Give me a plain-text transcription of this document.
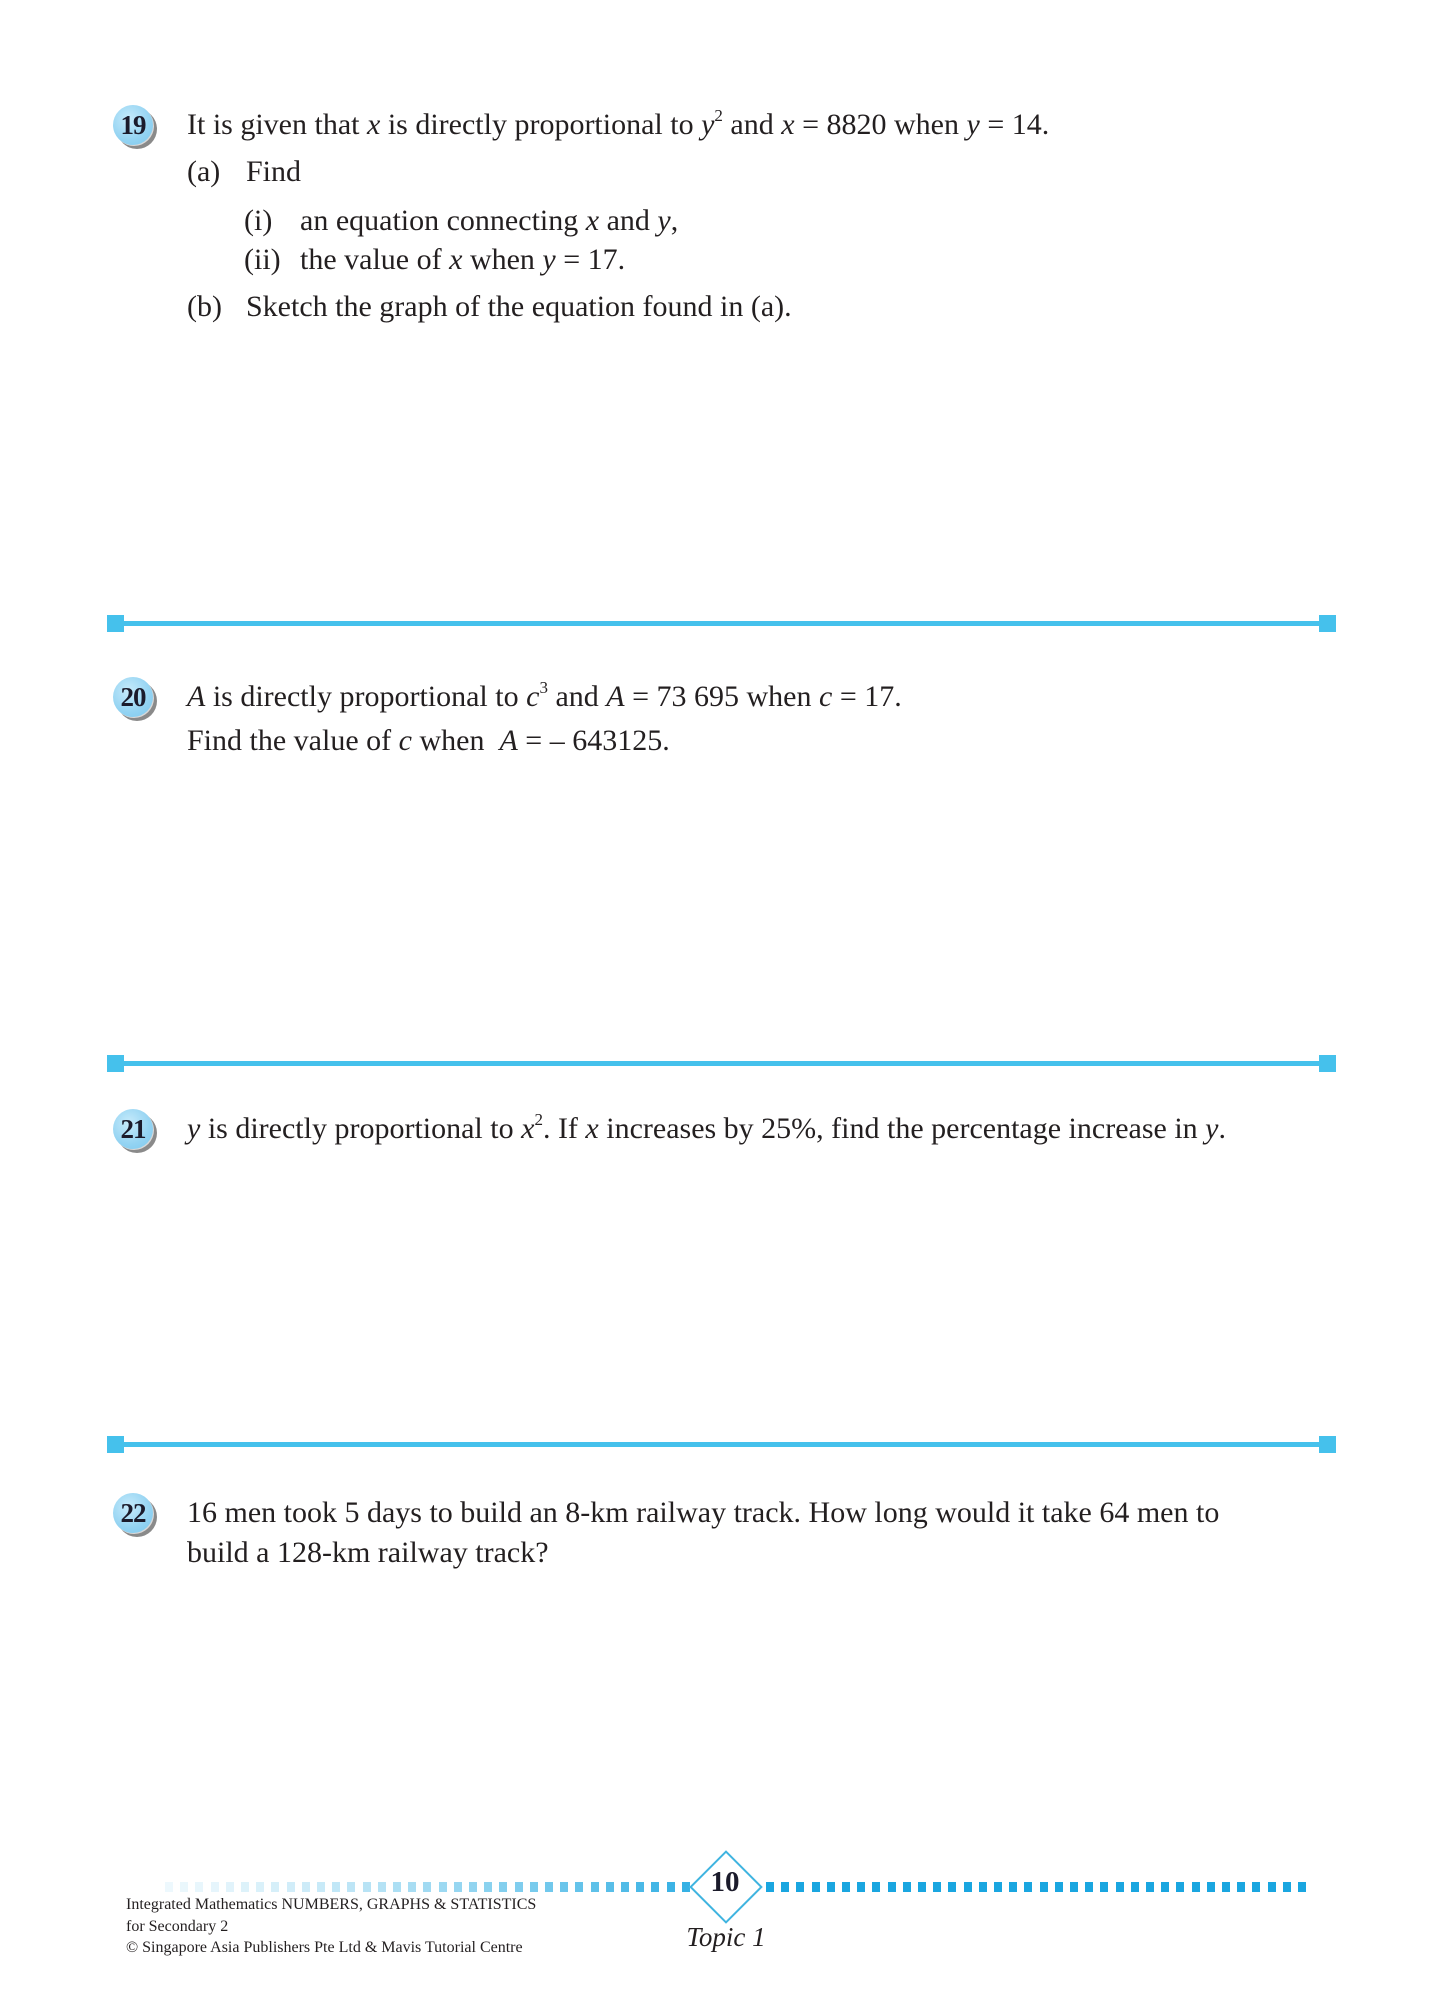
19 It is given that x is directly proportional to $y^2$ and x = 8820 when y = 14.
(a) Find
(i) an equation connecting x and y,
(ii) the value of x when y = 17.
(b) Sketch the graph of the equation found in (a).
20 A is directly proportional to $c^3$ and A = 73 695 when c = 17.
Find the value of c when  A = – 643125.
21 y is directly proportional to $x^2$. If x increases by 25%, find the percentage increase in y.
22 16 men took 5 days to build an 8-km railway track. How long would it take 64 men to
build a 128-km railway track?
10
Topic 1
Integrated Mathematics NUMBERS, GRAPHS & STATISTICS
for Secondary 2
© Singapore Asia Publishers Pte Ltd & Mavis Tutorial Centre
